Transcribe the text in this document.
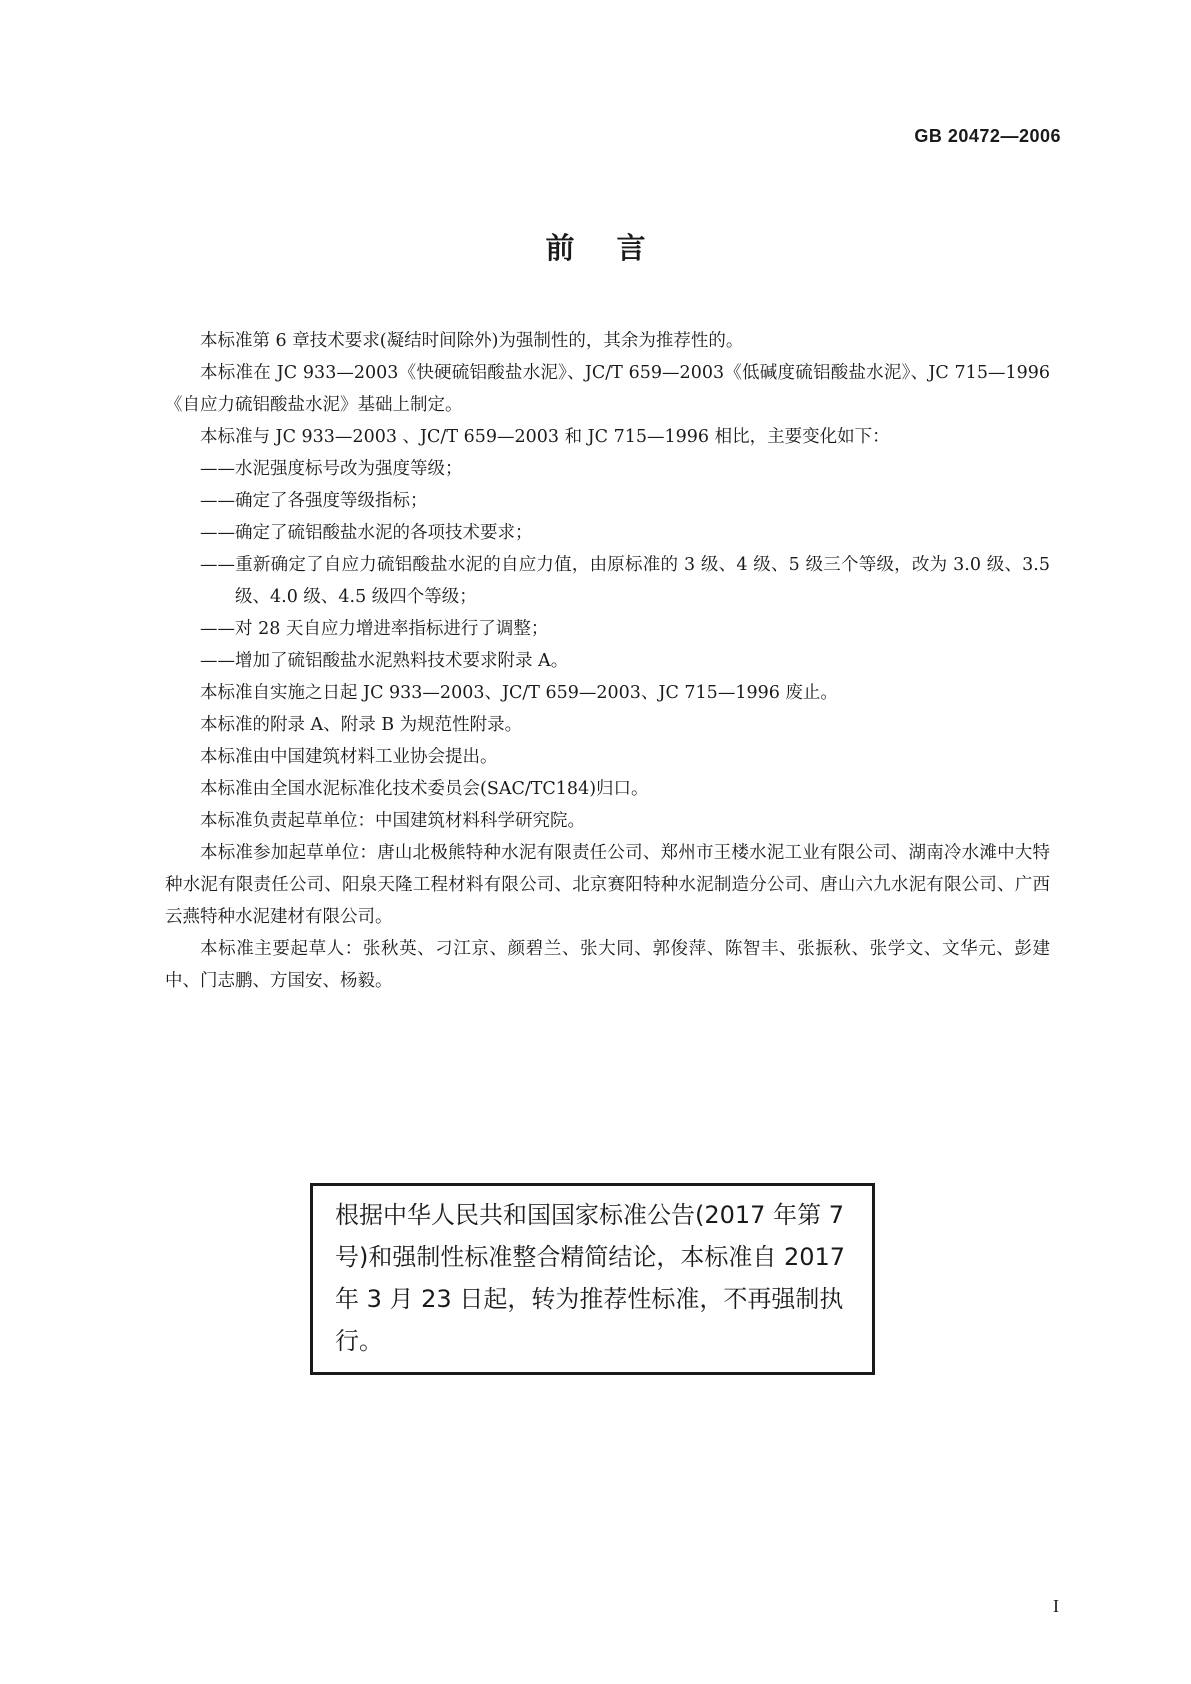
GB 20472—2006
前言

本标准第 6 章技术要求(凝结时间除外)为强制性的，其余为推荐性的。

本标准在 JC 933—2003《快硬硫铝酸盐水泥》、JC/T 659—2003《低碱度硫铝酸盐水泥》、JC 715—1996《自应力硫铝酸盐水泥》基础上制定。

本标准与 JC 933—2003 、JC/T 659—2003 和 JC 715—1996 相比，主要变化如下：

——水泥强度标号改为强度等级；

——确定了各强度等级指标；

——确定了硫铝酸盐水泥的各项技术要求；

——重新确定了自应力硫铝酸盐水泥的自应力值，由原标准的 3 级、4 级、5 级三个等级，改为 3.0 级、3.5 级、4.0 级、4.5 级四个等级；

——对 28 天自应力增进率指标进行了调整；

——增加了硫铝酸盐水泥熟料技术要求附录 A。

本标准自实施之日起 JC 933—2003、JC/T 659—2003、JC 715—1996 废止。

本标准的附录 A、附录 B 为规范性附录。

本标准由中国建筑材料工业协会提出。

本标准由全国水泥标准化技术委员会(SAC/TC184)归口。

本标准负责起草单位：中国建筑材料科学研究院。

本标准参加起草单位：唐山北极熊特种水泥有限责任公司、郑州市王楼水泥工业有限公司、湖南冷水滩中大特种水泥有限责任公司、阳泉天隆工程材料有限公司、北京赛阳特种水泥制造分公司、唐山六九水泥有限公司、广西云燕特种水泥建材有限公司。

本标准主要起草人：张秋英、刁江京、颜碧兰、张大同、郭俊萍、陈智丰、张振秋、张学文、文华元、彭建中、门志鹏、方国安、杨毅。

根据中华人民共和国国家标准公告(2017 年第 7 号)和强制性标准整合精简结论，本标准自 2017 年 3 月 23 日起，转为推荐性标准，不再强制执行。
I
